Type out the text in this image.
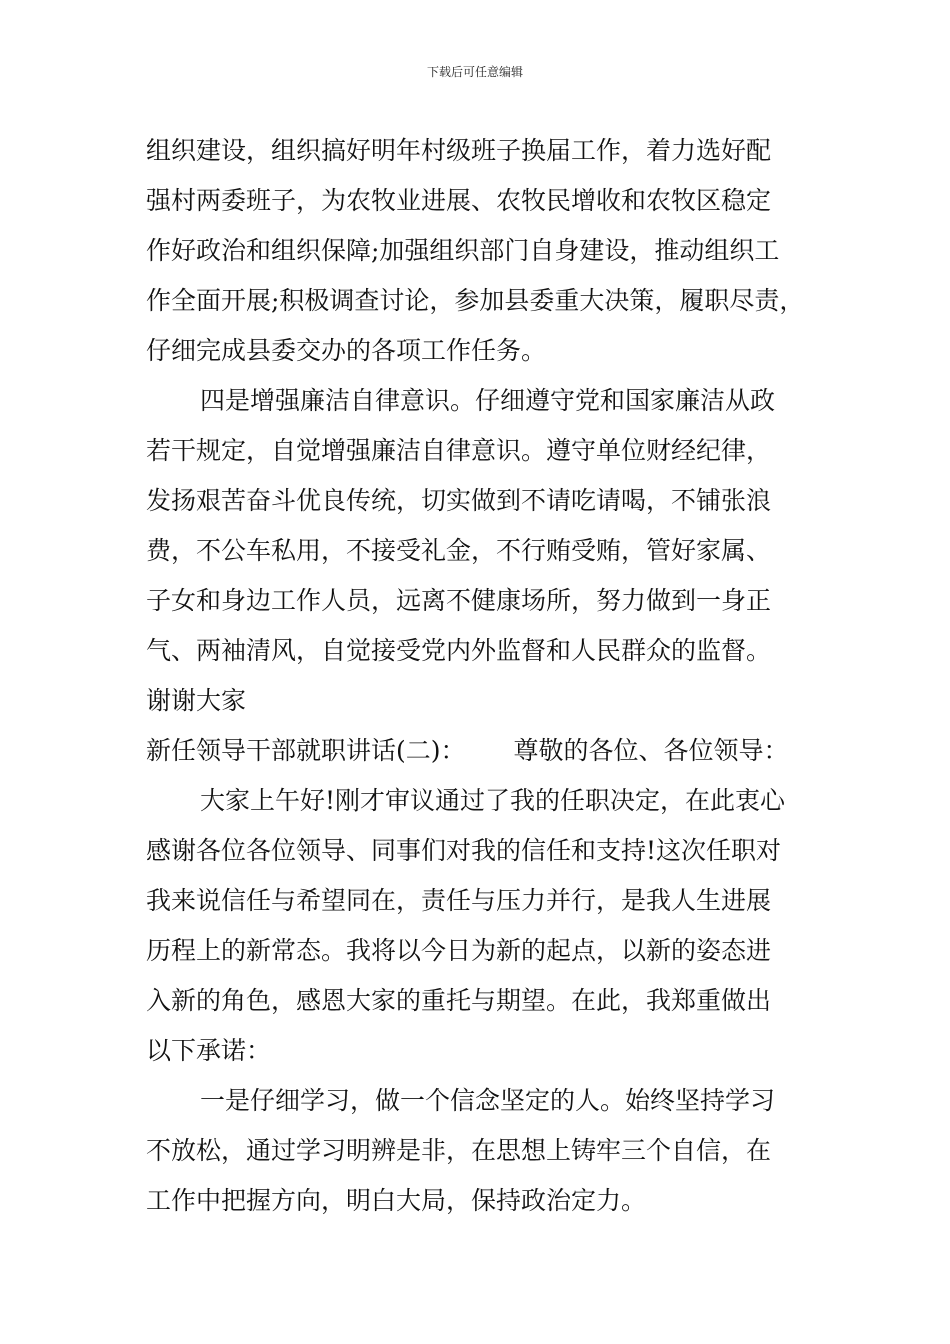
下载后可任意编辑
组织建设，组织搞好明年村级班子换届工作，着力选好配
强村两委班子，为农牧业进展、农牧民增收和农牧区稳定
作好政治和组织保障;加强组织部门自身建设，推动组织工
作全面开展;积极调查讨论，参加县委重大决策，履职尽责，
仔细完成县委交办的各项工作任务。
四是增强廉洁自律意识。仔细遵守党和国家廉洁从政
若干规定，自觉增强廉洁自律意识。遵守单位财经纪律，
发扬艰苦奋斗优良传统，切实做到不请吃请喝，不铺张浪
费，不公车私用，不接受礼金，不行贿受贿，管好家属、
子女和身边工作人员，远离不健康场所，努力做到一身正
气、两袖清风，自觉接受党内外监督和人民群众的监督。
谢谢大家
新任领导干部就职讲话(二)： 尊敬的各位、各位领导：
大家上午好!刚才审议通过了我的任职决定，在此衷心
感谢各位各位领导、同事们对我的信任和支持!这次任职对
我来说信任与希望同在，责任与压力并行，是我人生进展
历程上的新常态。我将以今日为新的起点，以新的姿态进
入新的角色，感恩大家的重托与期望。在此，我郑重做出
以下承诺：
一是仔细学习，做一个信念坚定的人。始终坚持学习
不放松，通过学习明辨是非，在思想上铸牢三个自信，在
工作中把握方向，明白大局，保持政治定力。
